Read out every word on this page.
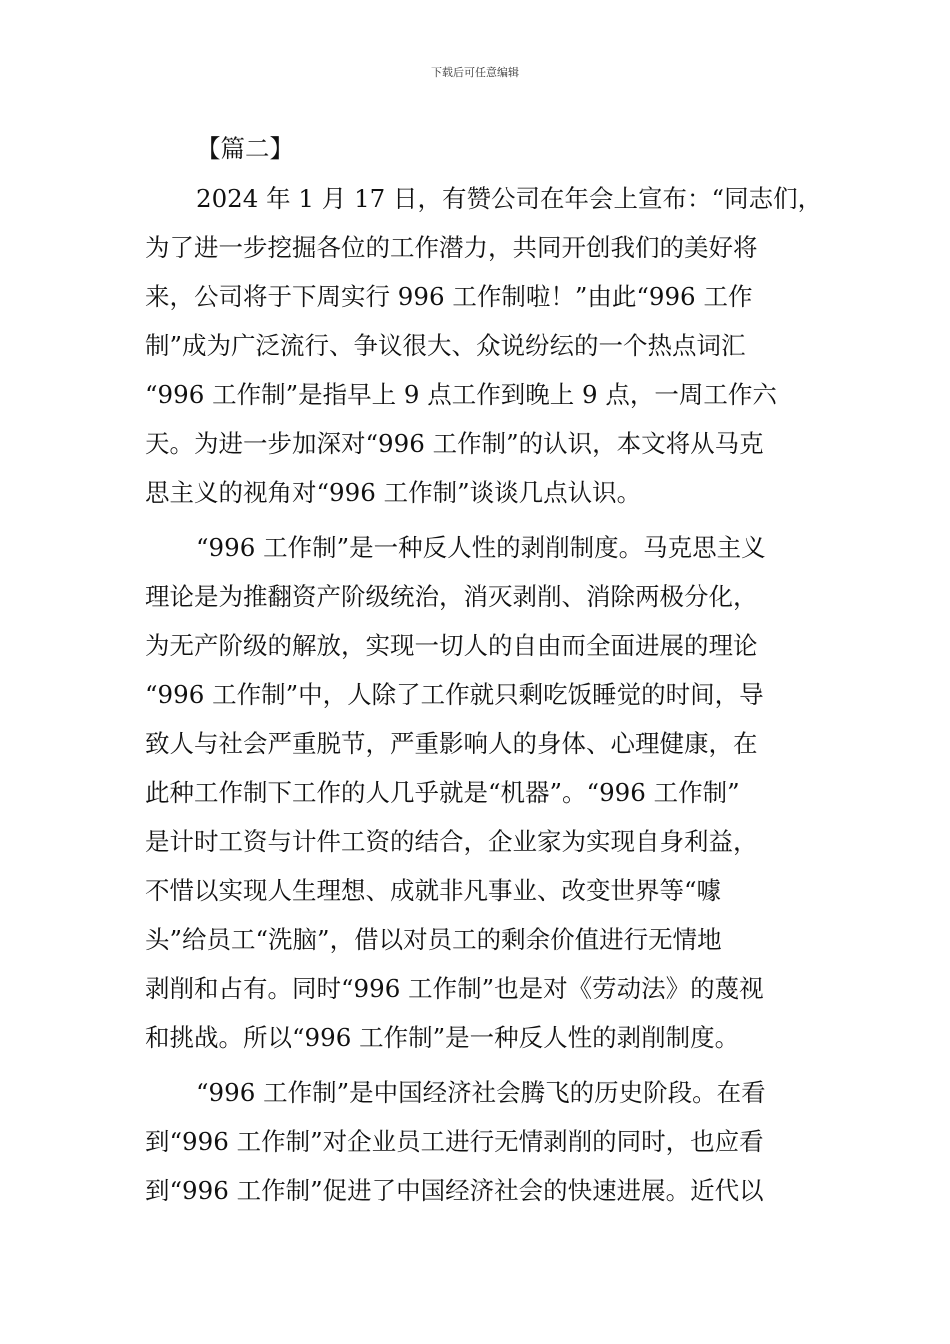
下载后可任意编辑

【篇二】

2024 年 1 月 17 日，有赞公司在年会上宣布：“同志们，

为了进一步挖掘各位的工作潜力，共同开创我们的美好将

来，公司将于下周实行 996 工作制啦！”由此“996 工作

制”成为广泛流行、争议很大、众说纷纭的一个热点词汇

“996 工作制”是指早上 9 点工作到晚上 9 点，一周工作六

天。为进一步加深对“996 工作制”的认识，本文将从马克

思主义的视角对“996 工作制”谈谈几点认识。

“996 工作制”是一种反人性的剥削制度。马克思主义

理论是为推翻资产阶级统治，消灭剥削、消除两极分化，

为无产阶级的解放，实现一切人的自由而全面进展的理论

“996 工作制”中，人除了工作就只剩吃饭睡觉的时间，导

致人与社会严重脱节，严重影响人的身体、心理健康，在

此种工作制下工作的人几乎就是“机器”。“996 工作制”

是计时工资与计件工资的结合，企业家为实现自身利益，

不惜以实现人生理想、成就非凡事业、改变世界等“噱

头”给员工“洗脑”，借以对员工的剩余价值进行无情地

剥削和占有。同时“996 工作制”也是对《劳动法》的蔑视

和挑战。所以“996 工作制”是一种反人性的剥削制度。

“996 工作制”是中国经济社会腾飞的历史阶段。在看

到“996 工作制”对企业员工进行无情剥削的同时，也应看

到“996 工作制”促进了中国经济社会的快速进展。近代以
